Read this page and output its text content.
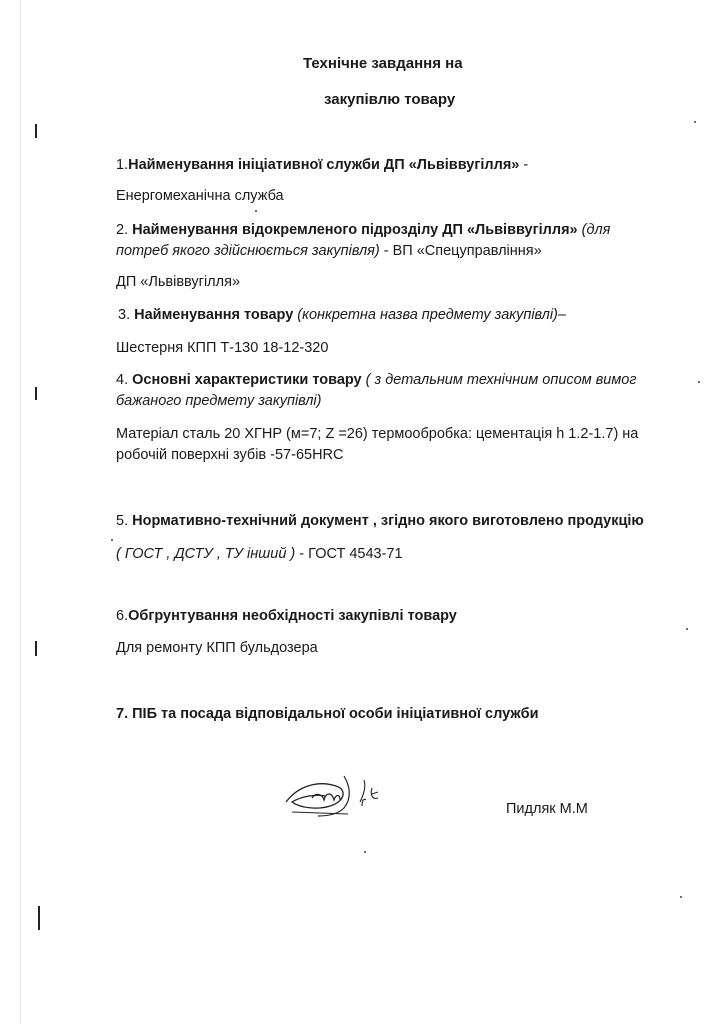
Технічне завдання на
закупівлю товару
1.Найменування ініціативної служби ДП «Львіввугілля» -
Енергомеханічна служба
2. Найменування відокремленого підрозділу ДП «Львіввугілля» (для
потреб якого здійснюється закупівля) - ВП «Спецуправління»
ДП «Львіввугілля»
3. Найменування товару (конкретна назва предмету закупівлі)–
Шестерня КПП Т-130 18-12-320
4. Основні характеристики товару ( з детальним технічним описом вимог
бажаного предмету закупівлі)
Матеріал сталь 20 ХГНР (м=7; Z =26) термообробка: цементація h 1.2-1.7) на
робочій поверхні зубів -57-65HRC
5. Нормативно-технічний документ , згідно якого виготовлено продукцію
( ГОСТ , ДСТУ , ТУ інший ) - ГОСТ 4543-71
6.Обгрунтування необхідності закупівлі товару
Для ремонту КПП бульдозера
7. ПІБ та посада відповідальної особи ініціативної служби
Пидляк М.М
